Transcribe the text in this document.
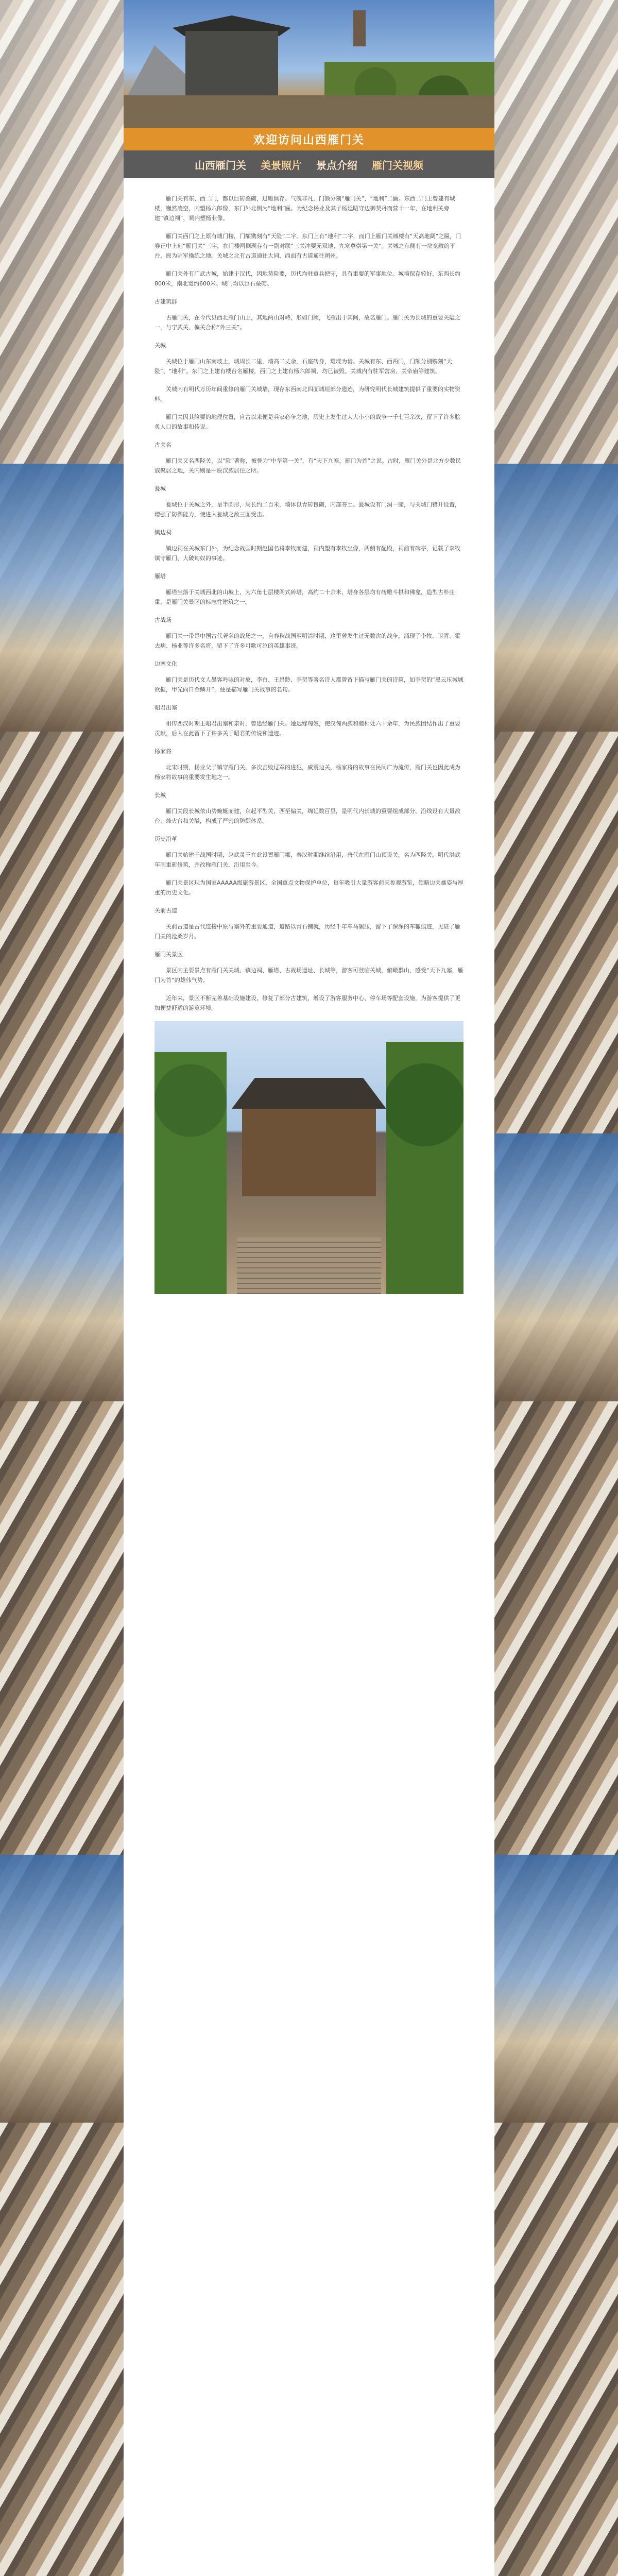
欢迎访问山西雁门关
山西雁门关 美景照片 景点介绍 雁门关视频

雁门关有东、西二门，都以巨砖叠砌，过雕俱存。气魄非凡，门额分刻“雁门关”，“地利”二匾。东西二门上曾建有城楼，巍然凌空，内塑杨六郎像，东门外北侧为“地利”匾。为纪念杨业及其子杨延昭守边御契丹而营十一年，在地利关旁建“镇边祠”，祠内塑杨业像。

雁门关西门之上原有城门楼，门額镌刻有“天险”二字。东门上有“地利”二字，而门上雁门关城楼有“天高地阔”之匾，门券正中上刻“雁门关”三字，在门楼两侧现存有一副对联“三关冲要无双地，九塞尊崇第一关”。关城之东侧有一块宽敞的平台，原为驻军操练之地。关城之北有古道通往大同、西面有古道通往朔州。

雁门关外有广武古城，始建于汉代，因地势险要，历代均驻重兵把守，具有重要的军事地位。城墙保存较好，东西长约800米，南北宽约600米。城门均以巨石垒砌。

古建筑群

古雁门关，在今代县西北雁门山上，其地两山对峙，形如门阙，飞雁出于其间，故名雁门。雁门关为长城的重要关隘之一，与宁武关、偏关合称“外三关”。

关城

关城位于雁门山东南坡上，城周长二里，墙高二丈余，石座砖身，雉堞为齿。关城有东、西两门，门额分别镌刻“天险”、“地利”。东门之上建有楼台名雁楼，西门之上建有杨六郎祠，均已被毁。关城内有驻军营房、关帝庙等建筑。

关城内有明代万历年间重修的雁门关城墙，现存东西南北四面城垣部分遗迹，为研究明代长城建筑提供了重要的实物资料。

雁门关因其险要的地理位置，自古以来便是兵家必争之地，历史上发生过大大小小的战争一千七百余次，留下了许多脍炙人口的故事和传说。

古关名

雁门关又名西陉关，以“险”著称，被誉为“中华第一关”，有“天下九塞，雁门为首”之说。古时，雁门关外是北方少数民族聚居之地，关内则是中原汉族居住之所。

瓮城

瓮城位于关城之外，呈半圆形，周长约二百米，墙体以青砖包砌，内部夯土。瓮城设有门洞一座，与关城门错开设置，增强了防御能力，使进入瓮城之敌三面受击。

镇边祠

镇边祠在关城东门外，为纪念战国时期赵国名将李牧而建，祠内塑有李牧坐像，两侧有配殿，祠前有碑亭，记载了李牧镇守雁门、大破匈奴的事迹。

雁塔

雁塔坐落于关城西北的山坡上，为六角七层楼阁式砖塔，高约二十余米，塔身各层均有砖雕斗拱和佛龛，造型古朴庄重，是雁门关景区的标志性建筑之一。

古战场

雁门关一带是中国古代著名的战场之一，自春秋战国至明清时期，这里曾发生过无数次的战争，涌现了李牧、卫青、霍去病、杨业等许多名将，留下了许多可歌可泣的英雄事迹。

边塞文化

雁门关是历代文人墨客吟咏的对象，李白、王昌龄、李贺等著名诗人都曾留下描写雁门关的诗篇，如李贺的“黑云压城城欲摧，甲光向日金鳞开”，便是描写雁门关战事的名句。

昭君出塞

相传西汉时期王昭君出塞和亲时，曾途经雁门关。她远嫁匈奴，使汉匈两族和睦相处六十余年，为民族团结作出了重要贡献，后人在此留下了许多关于昭君的传说和遗迹。

杨家将

北宋时期，杨业父子镇守雁门关，多次击败辽军的进犯，威震边关，杨家将的故事在民间广为流传，雁门关也因此成为杨家将故事的重要发生地之一。

长城

雁门关段长城依山势蜿蜒而建，东起平型关，西至偏关，绵延数百里，是明代内长城的重要组成部分，沿线设有大量敌台、烽火台和关隘，构成了严密的防御体系。

历史沿革

雁门关始建于战国时期，赵武灵王在此设置雁门郡，秦汉时期继续沿用，唐代在雁门山顶设关，名为西陉关，明代洪武年间重新修筑，并改称雁门关，沿用至今。

雁门关景区现为国家AAAAA级旅游景区、全国重点文物保护单位，每年吸引大量游客前来参观游览，领略边关雄姿与厚重的历史文化。

关前古道

关前古道是古代连接中原与塞外的重要通道，道路以青石铺就，历经千年车马碾压，留下了深深的车辙痕迹，见证了雁门关的沧桑岁月。

雁门关景区

景区内主要景点有雁门关关城、镇边祠、雁塔、古战场遗址、长城等，游客可登临关城，俯瞰群山，感受“天下九塞，雁门为首”的雄伟气势。

近年来，景区不断完善基础设施建设，修复了部分古建筑，增设了游客服务中心、停车场等配套设施，为游客提供了更加便捷舒适的游览环境。
